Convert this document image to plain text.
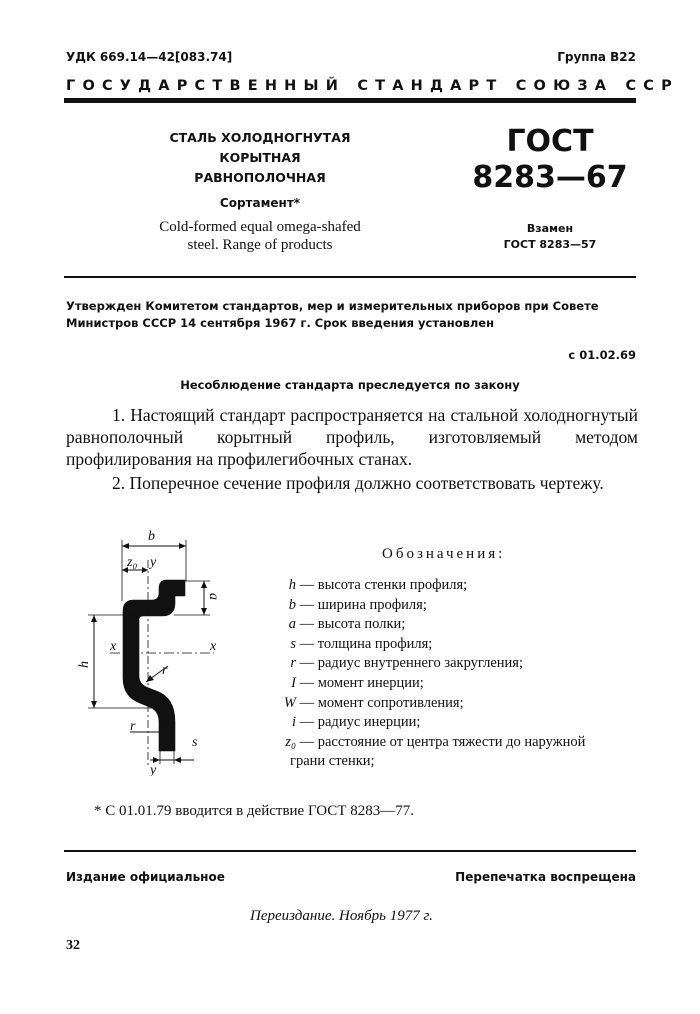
УДК 669.14—42[083.74]	Группа В22
ГОСУДАРСТВЕННЫЙ СТАНДАРТ СОЮЗА ССР
СТАЛЬ ХОЛОДНОГНУТАЯ
КОРЫТНАЯ
РАВНОПОЛОЧНАЯ
Сортамент*
Cold-formed equal omega-shafed
steel. Range of products
ГОСТ
8283—67
Взамен
ГОСТ 8283—57
Утвержден Комитетом стандартов, мер и измерительных приборов при Совете Министров СССР 14 сентября 1967 г. Срок введения установлен
с 01.02.69
Несоблюдение стандарта преследуется по закону
1. Настоящий стандарт распространяется на стальной холодногнутый равнополочный корытный профиль, изготовляемый методом профилирования на профилегибочных станах.
2. Поперечное сечение профиля должно соответствовать чертежу.
b
z₀ y
a
h
x	x
r
r
s
y
Обозначения:
h — высота стенки профиля;
b — ширина профиля;
a — высота полки;
s — толщина профиля;
r — радиус внутреннего закругления;
I — момент инерции;
W — момент сопротивления;
i — радиус инерции;
z₀ — расстояние от центра тяжести до наружной
грани стенки;
* С 01.01.79 вводится в действие ГОСТ 8283—77.
Издание официальное	Перепечатка воспрещена
Переиздание. Ноябрь 1977 г.
32
